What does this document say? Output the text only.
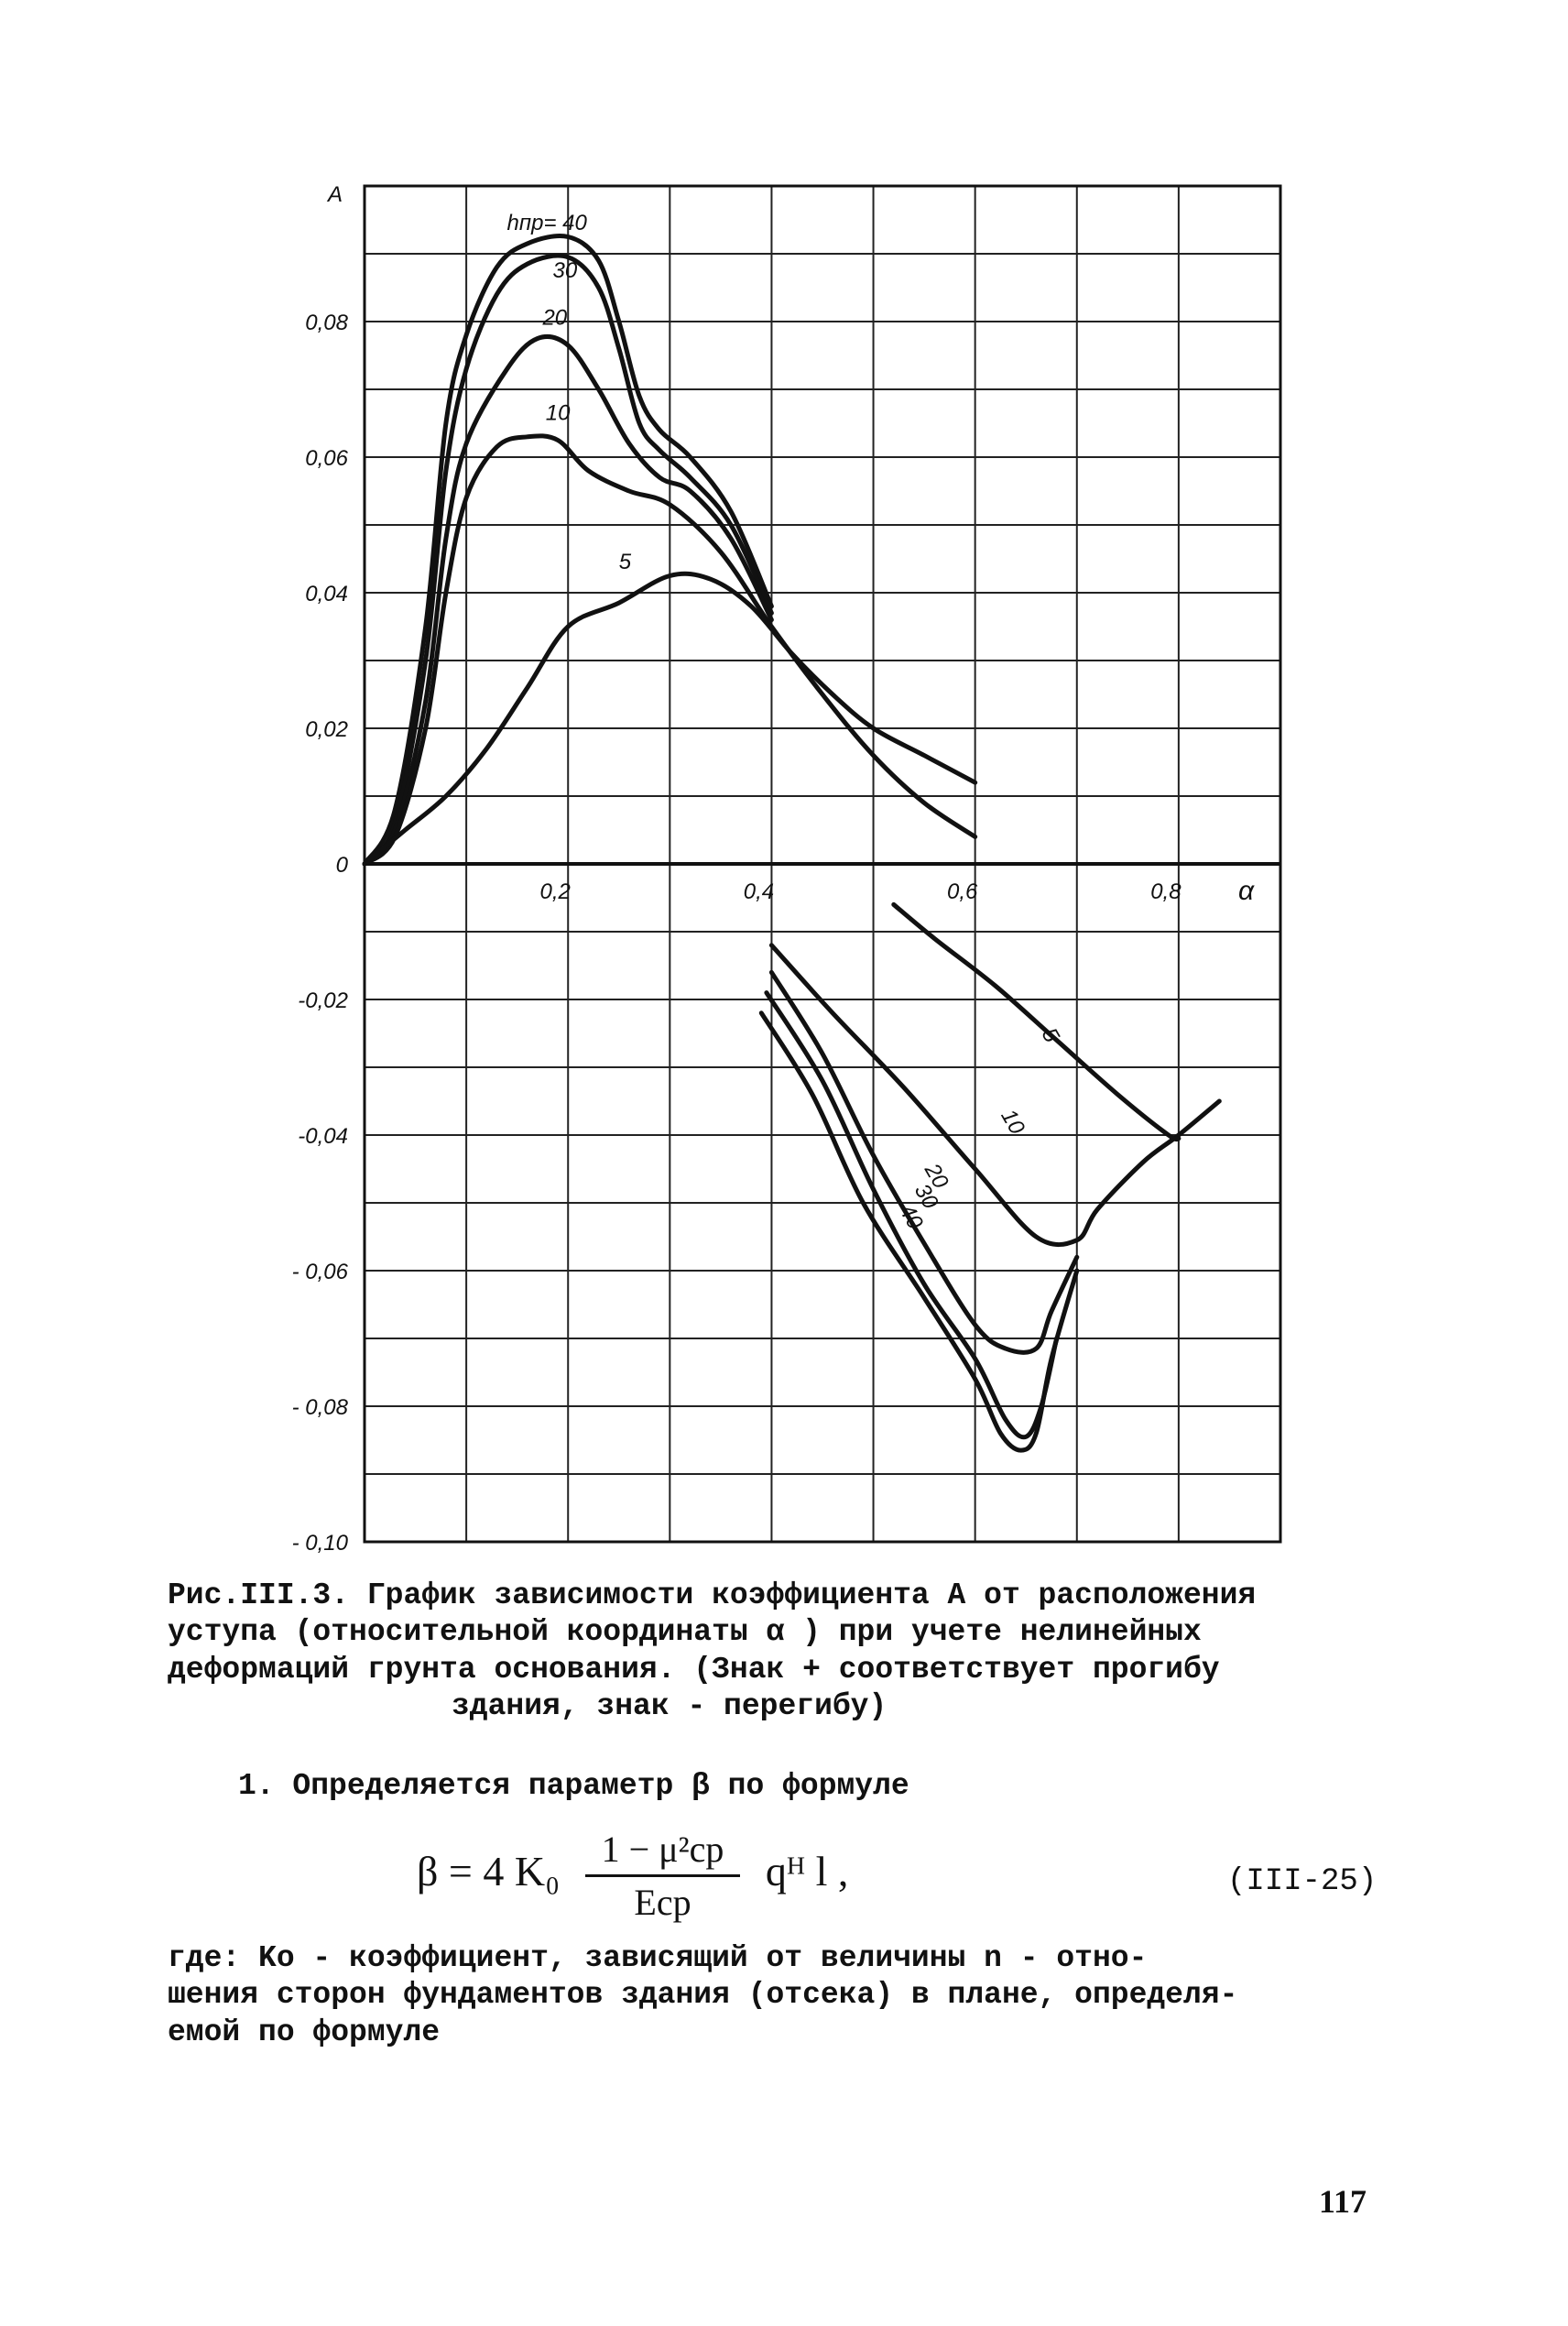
0,08
0,06
0,04
0,02
0
-0,02
-0,04
- 0,06
- 0,08
- 0,10
0,2	0,4	0,6	0,8
hпр= 40
30
20
10
5
5
10
20
30
40
A
α
Рис.III.3. График зависимости коэффициента A от расположения
уступа (относительной координаты α ) при учете нелинейных
деформаций грунта основания. (Знак + соответствует прогибу
здания, знак - перегибу)
1. Определяется параметр β по формуле
β = 4 $K_0 \frac{\text{1 − μ²ср}}{\text{Eср}}$ qᴴ l ,	(III-25)
где: Kо - коэффициент, зависящий от величины n - отно-
шения сторон фундаментов здания (отсека) в плане, определя-
емой по формуле
117
